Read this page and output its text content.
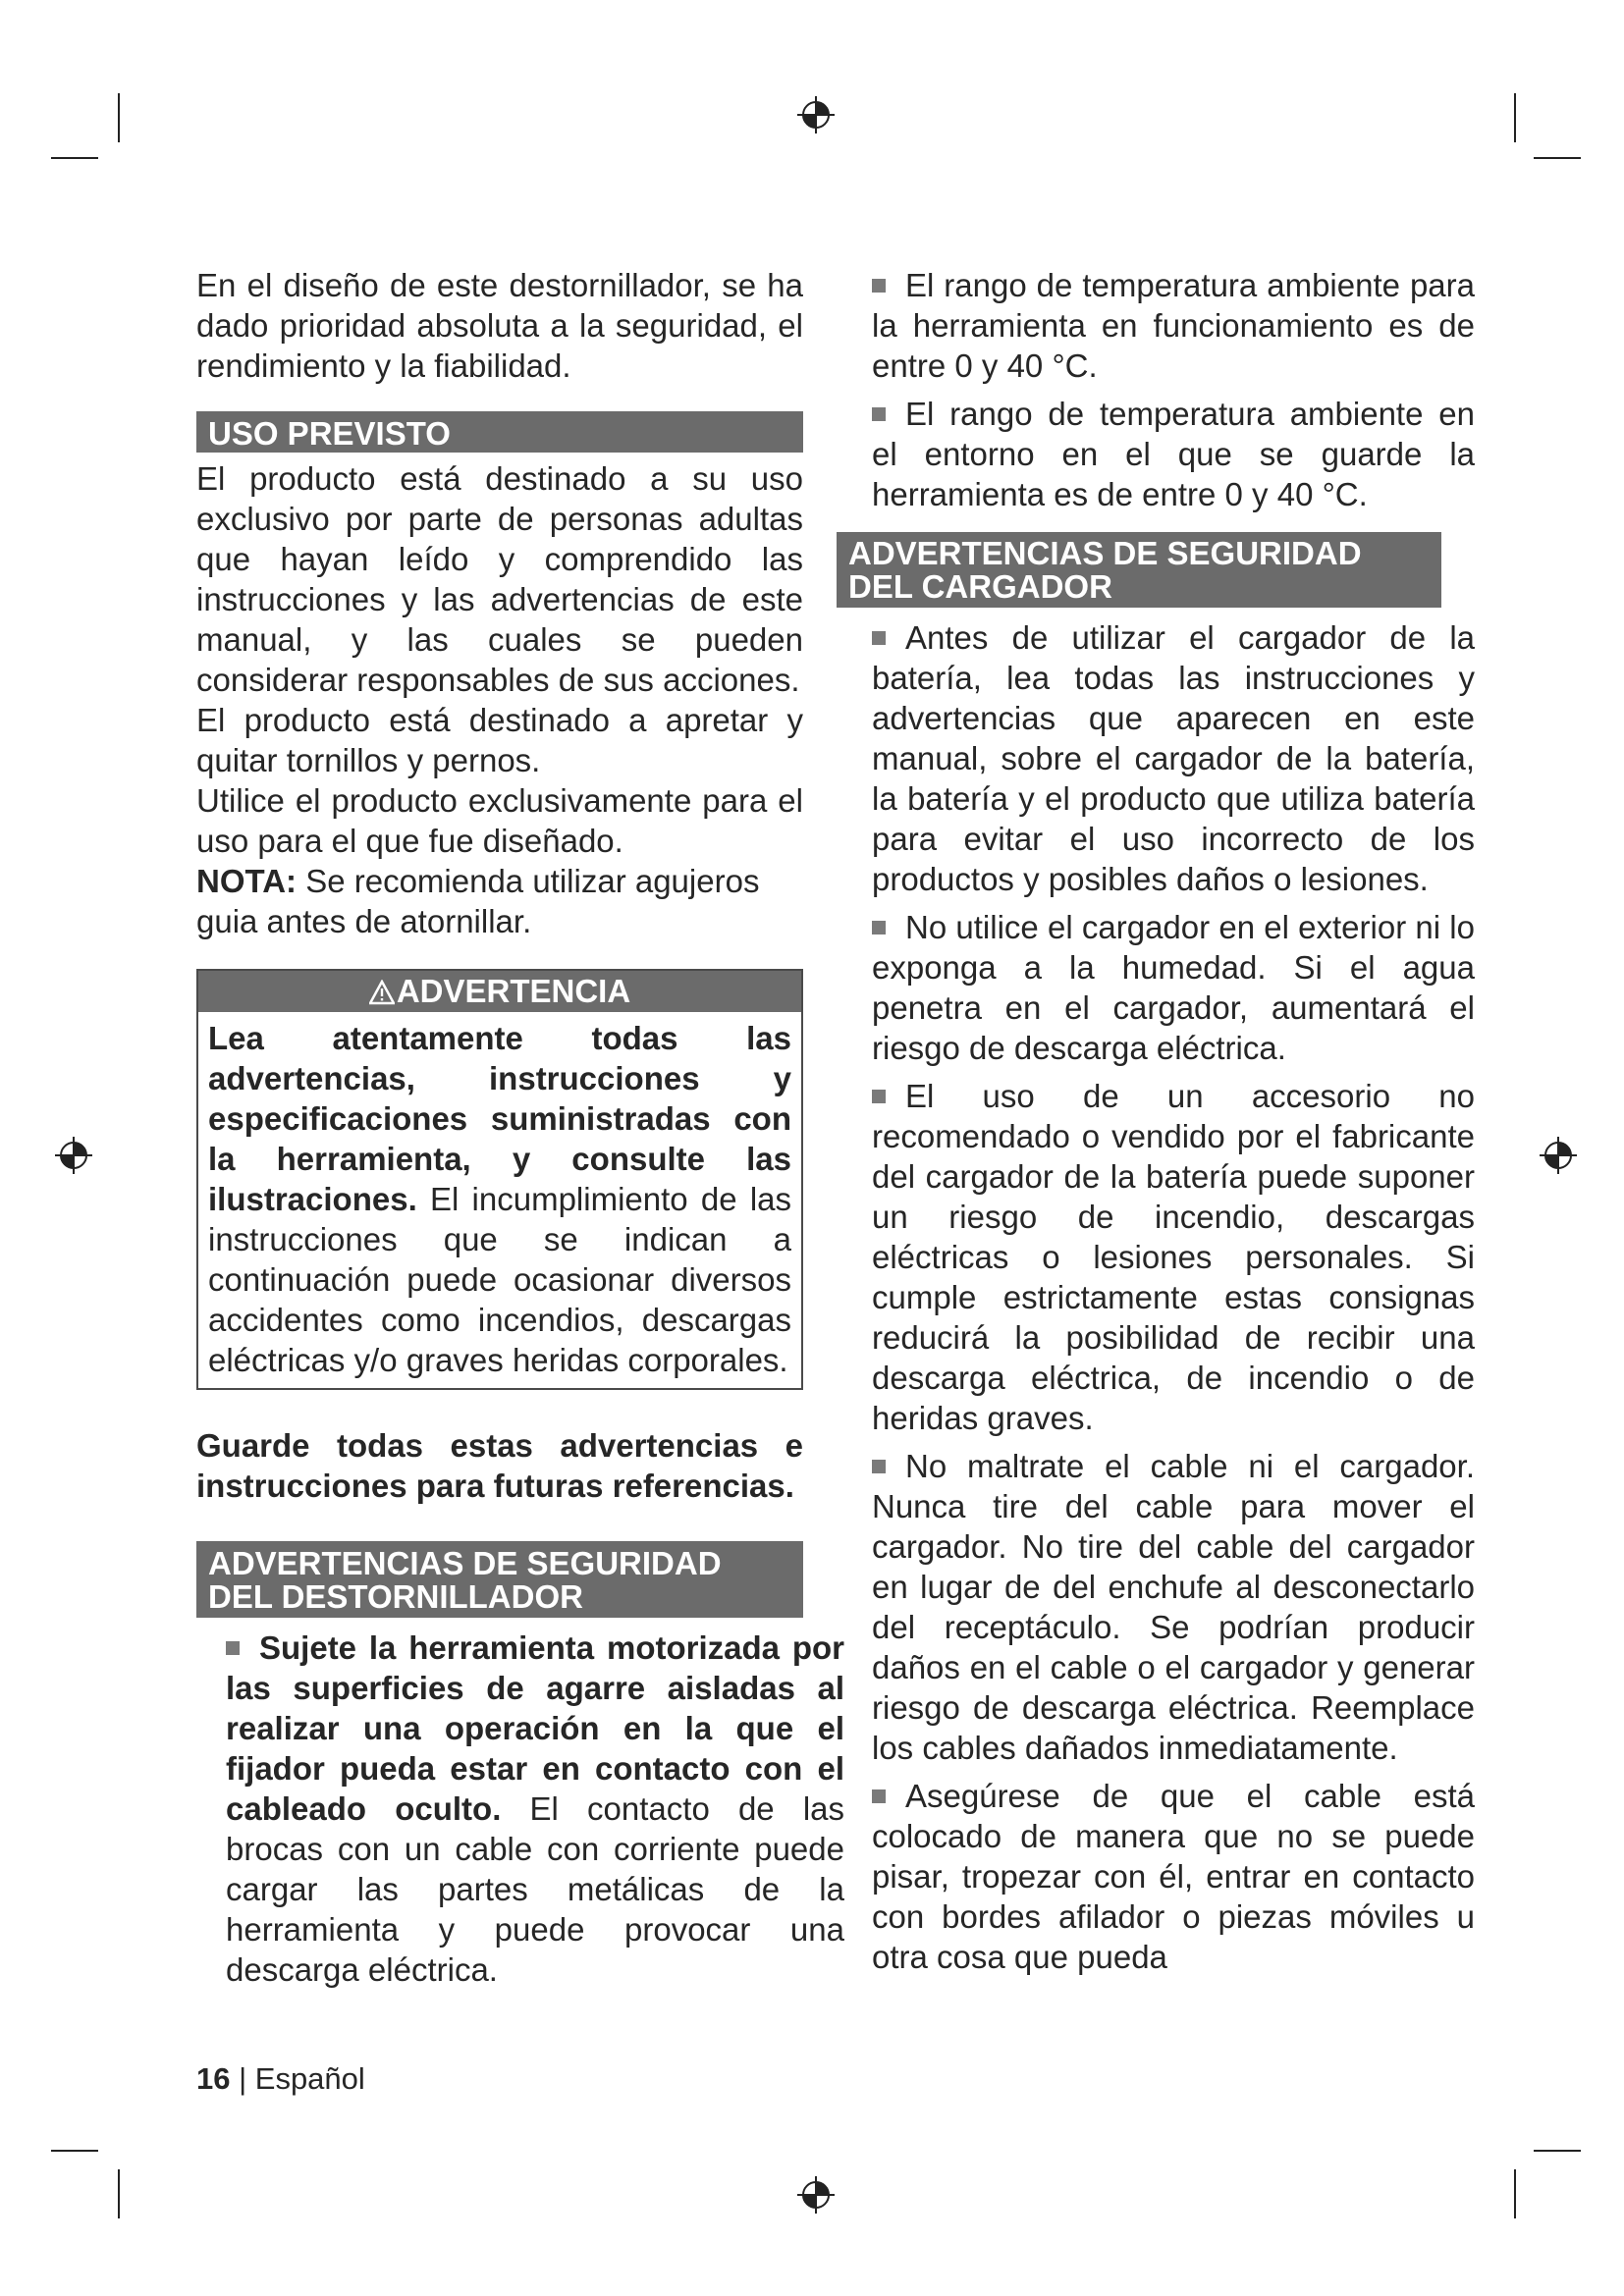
En el diseño de este destornillador, se ha dado prioridad absoluta a la seguridad, el rendimiento y la fiabilidad.

USO PREVISTO

El producto está destinado a su uso exclusivo por parte de personas adultas que hayan leído y comprendido las instrucciones y las advertencias de este manual, y las cuales se pueden considerar responsables de sus acciones.

El producto está destinado a apretar y quitar tornillos y pernos.

Utilice el producto exclusivamente para el uso para el que fue diseñado.

NOTA: Se recomienda utilizar agujeros guia antes de atornillar.

ADVERTENCIA
Lea atentamente todas las advertencias, instrucciones y especificaciones suministradas con la herramienta, y consulte las ilustraciones. El incumplimiento de las instrucciones que se indican a continuación puede ocasionar diversos accidentes como incendios, descargas eléctricas y/o graves heridas corporales.

Guarde todas estas advertencias e instrucciones para futuras referencias.

ADVERTENCIAS DE SEGURIDAD
DEL DESTORNILLADOR

Sujete la herramienta motorizada por las superficies de agarre aisladas al realizar una operación en la que el fijador pueda estar en contacto con el cableado oculto. El contacto de las brocas con un cable con corriente puede cargar las partes metálicas de la herramienta y puede provocar una descarga eléctrica.

El rango de temperatura ambiente para la herramienta en funcionamiento es de entre 0 y 40 °C.

El rango de temperatura ambiente en el entorno en el que se guarde la herramienta es de entre 0 y 40 °C.

ADVERTENCIAS DE SEGURIDAD
DEL CARGADOR

Antes de utilizar el cargador de la batería, lea todas las instrucciones y advertencias que aparecen en este manual, sobre el cargador de la batería, la batería y el producto que utiliza batería para evitar el uso incorrecto de los productos y posibles daños o lesiones.

No utilice el cargador en el exterior ni lo exponga a la humedad. Si el agua penetra en el cargador, aumentará el riesgo de descarga eléctrica.

El uso de un accesorio no recomendado o vendido por el fabricante del cargador de la batería puede suponer un riesgo de incendio, descargas eléctricas o lesiones personales. Si cumple estrictamente estas consignas reducirá la posibilidad de recibir una descarga eléctrica, de incendio o de heridas graves.

No maltrate el cable ni el cargador. Nunca tire del cable para mover el cargador. No tire del cable del cargador en lugar de del enchufe al desconectarlo del receptáculo. Se podrían producir daños en el cable o el cargador y generar riesgo de descarga eléctrica. Reemplace los cables dañados inmediatamente.

Asegúrese de que el cable está colocado de manera que no se puede pisar, tropezar con él, entrar en contacto con bordes afilador o piezas móviles u otra cosa que pueda

16 | Español
